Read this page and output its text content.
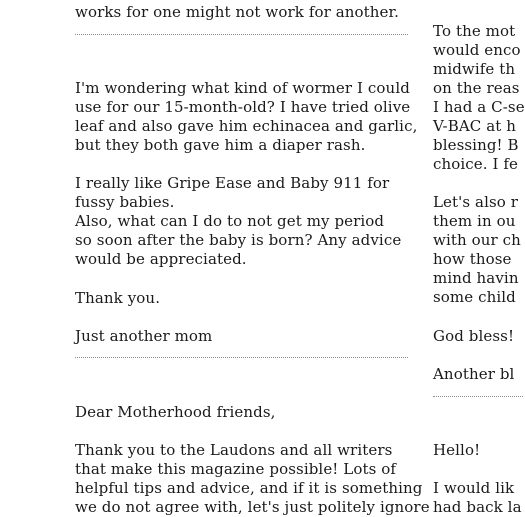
works for one might not work for another.
I'm wondering what kind of wormer I could
use for our 15-month-old? I have tried olive
leaf and also gave him echinacea and garlic,
but they both gave him a diaper rash.
I really like Gripe Ease and Baby 911 for
fussy babies.
Also, what can I do to not get my period
so soon after the baby is born? Any advice
would be appreciated.
Thank you.
Just another mom
Dear Motherhood friends,
Thank you to the Laudons and all writers
that make this magazine possible! Lots of
helpful tips and advice, and if it is something
we do not agree with, let's just politely ignore
To the mot
would enco
midwife th
on the reas
I had a C-se
V-BAC at h
blessing! B
choice. I fe
Let's also r
them in ou
with our ch
how those
mind havin
some child
God bless!
Another bl
Hello!
I would lik
had back la
